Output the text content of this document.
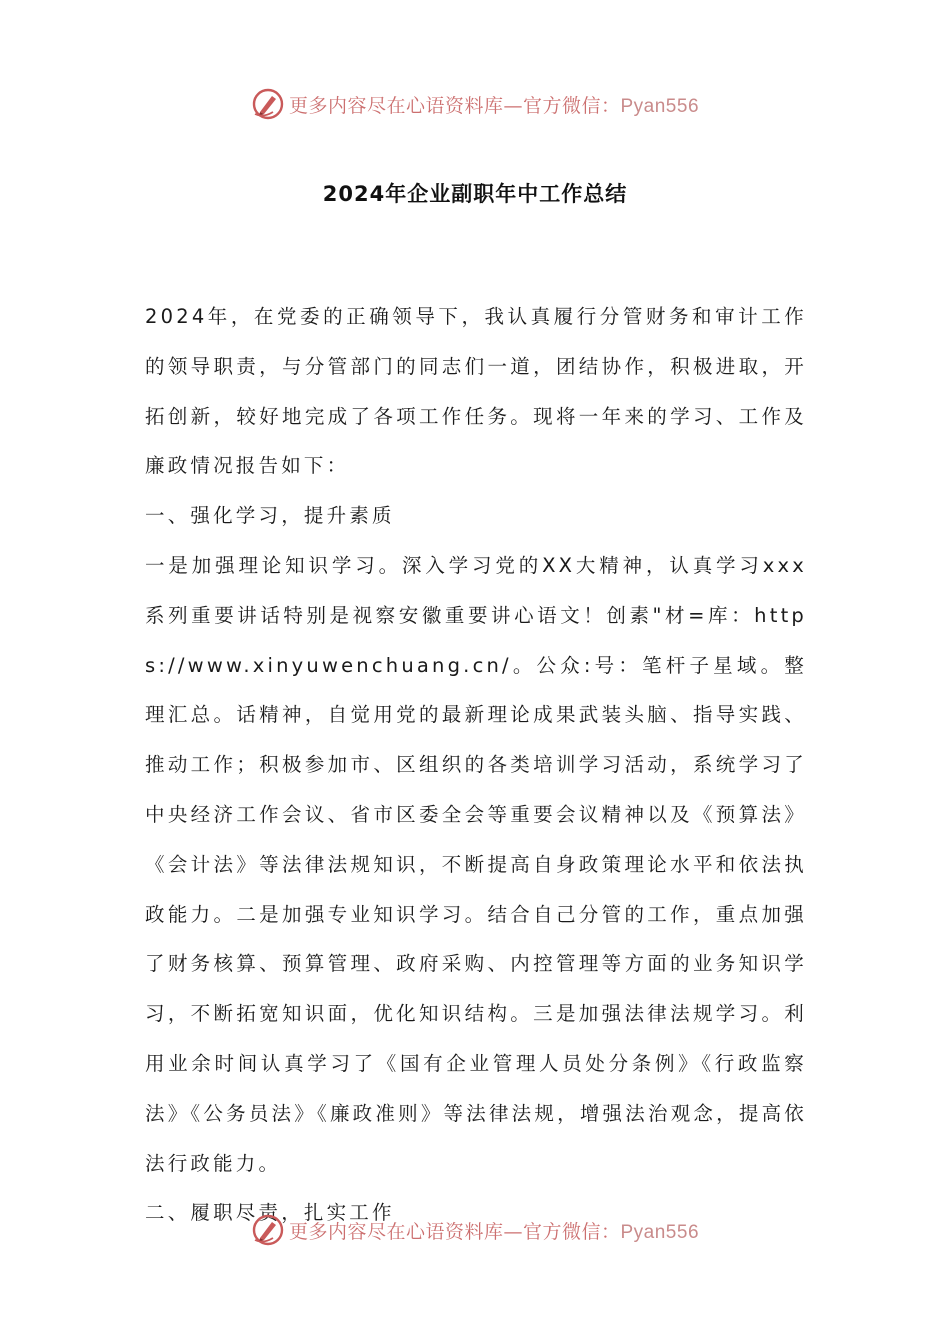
更多内容尽在心语资料库—官方微信：Pyan556
2024年企业副职年中工作总结

2024年，在党委的正确领导下，我认真履行分管财务和审计工作的领导职责，与分管部门的同志们一道，团结协作，积极进取，开拓创新，较好地完成了各项工作任务。现将一年来的学习、工作及廉政情况报告如下：

一、强化学习，提升素质

一是加强理论知识学习。深入学习党的XX大精神，认真学习xxx系列重要讲话特别是视察安徽重要讲心语文！创素"材=库：https://www.xinyuwenchuang.cn/。公众:号：笔杆子星域。整理汇总。话精神，自觉用党的最新理论成果武装头脑、指导实践、推动工作；积极参加市、区组织的各类培训学习活动，系统学习了中央经济工作会议、省市区委全会等重要会议精神以及《预算法》《会计法》等法律法规知识，不断提高自身政策理论水平和依法执政能力。二是加强专业知识学习。结合自己分管的工作，重点加强了财务核算、预算管理、政府采购、内控管理等方面的业务知识学习，不断拓宽知识面，优化知识结构。三是加强法律法规学习。利用业余时间认真学习了《国有企业管理人员处分条例》《行政监察法》《公务员法》《廉政准则》等法律法规，增强法治观念，提高依法行政能力。

二、履职尽责，扎实工作

更多内容尽在心语资料库—官方微信：Pyan556
